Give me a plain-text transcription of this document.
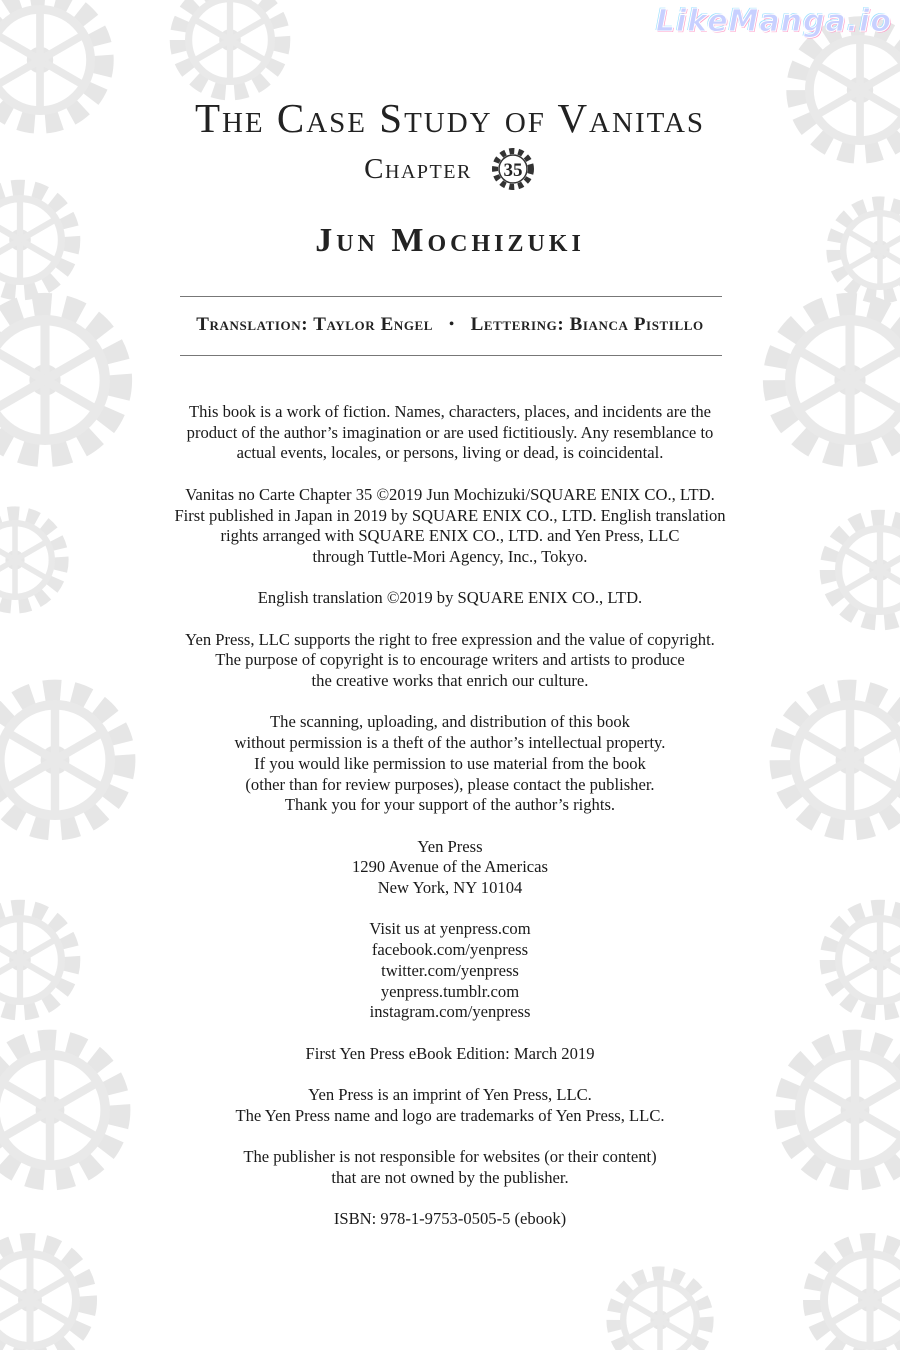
LikeManga.io
The Case Study of Vanitas
Chapter 35
Jun Mochizuki
Translation: Taylor Engel • Lettering: Bianca Pistillo
This book is a work of fiction. Names, characters, places, and incidents are the
product of the author’s imagination or are used fictitiously. Any resemblance to
actual events, locales, or persons, living or dead, is coincidental.
Vanitas no Carte Chapter 35 ©2019 Jun Mochizuki/SQUARE ENIX CO., LTD.
First published in Japan in 2019 by SQUARE ENIX CO., LTD. English translation
rights arranged with SQUARE ENIX CO., LTD. and Yen Press, LLC
through Tuttle-Mori Agency, Inc., Tokyo.
English translation ©2019 by SQUARE ENIX CO., LTD.
Yen Press, LLC supports the right to free expression and the value of copyright.
The purpose of copyright is to encourage writers and artists to produce
the creative works that enrich our culture.
The scanning, uploading, and distribution of this book
without permission is a theft of the author’s intellectual property.
If you would like permission to use material from the book
(other than for review purposes), please contact the publisher.
Thank you for your support of the author’s rights.
Yen Press
1290 Avenue of the Americas
New York, NY 10104
Visit us at yenpress.com
facebook.com/yenpress
twitter.com/yenpress
yenpress.tumblr.com
instagram.com/yenpress
First Yen Press eBook Edition: March 2019
Yen Press is an imprint of Yen Press, LLC.
The Yen Press name and logo are trademarks of Yen Press, LLC.
The publisher is not responsible for websites (or their content)
that are not owned by the publisher.
ISBN: 978-1-9753-0505-5 (ebook)
